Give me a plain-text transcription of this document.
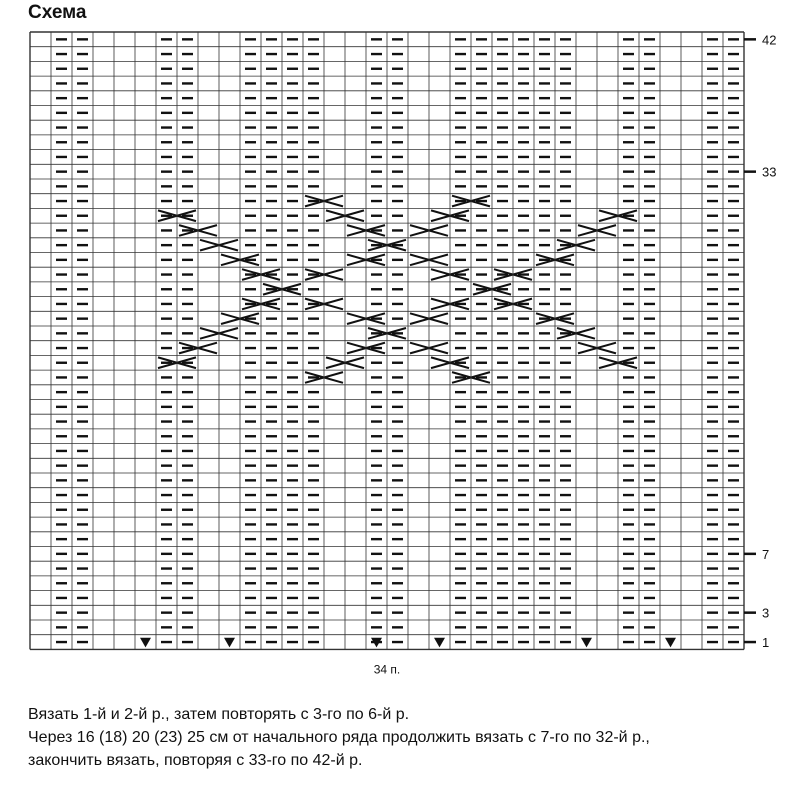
Схема
42
33
7
3
1
34 п.
Вязать 1-й и 2-й р., затем повторять с 3-го по 6-й р.
Через 16 (18) 20 (23) 25 см от начального ряда продолжить вязать с 7-го по 32-й р.,
закончить вязать, повторяя с 33-го по 42-й р.
